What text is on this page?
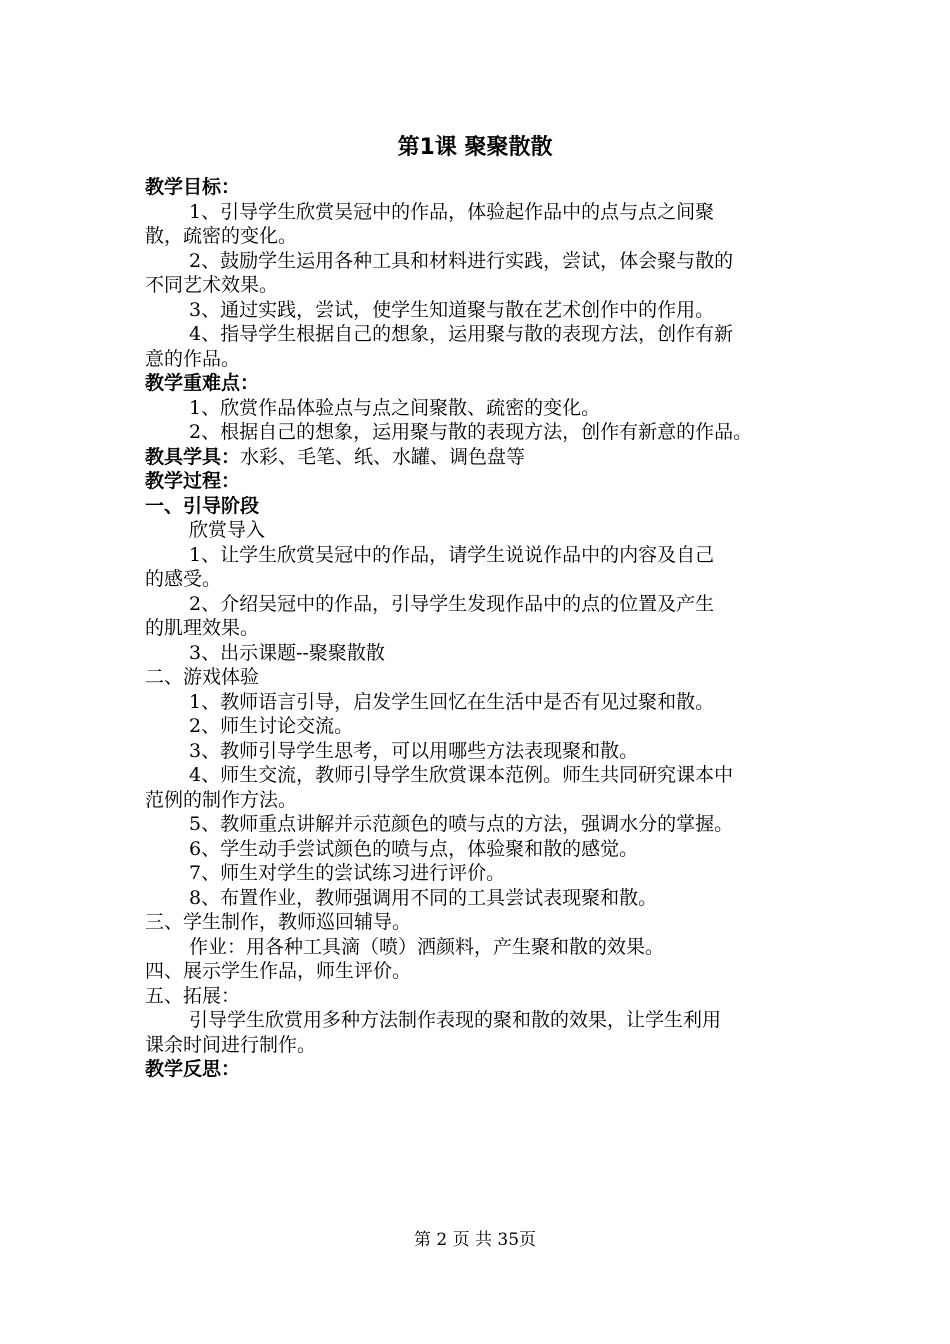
第1课 聚聚散散
教学目标：
1、引导学生欣赏吴冠中的作品，体验起作品中的点与点之间聚
散，疏密的变化。
2、鼓励学生运用各种工具和材料进行实践，尝试，体会聚与散的
不同艺术效果。
3、通过实践，尝试，使学生知道聚与散在艺术创作中的作用。
4、指导学生根据自己的想象，运用聚与散的表现方法，创作有新
意的作品。
教学重难点：
1、欣赏作品体验点与点之间聚散、疏密的变化。
2、根据自己的想象，运用聚与散的表现方法，创作有新意的作品。
教具学具：水彩、毛笔、纸、水罐、调色盘等
教学过程：
一、引导阶段
欣赏导入
1、让学生欣赏吴冠中的作品，请学生说说作品中的内容及自己
的感受。
2、介绍吴冠中的作品，引导学生发现作品中的点的位置及产生
的肌理效果。
3、出示课题--聚聚散散
二、游戏体验
1、教师语言引导，启发学生回忆在生活中是否有见过聚和散。
2、师生讨论交流。
3、教师引导学生思考，可以用哪些方法表现聚和散。
4、师生交流，教师引导学生欣赏课本范例。师生共同研究课本中
范例的制作方法。
5、教师重点讲解并示范颜色的喷与点的方法，强调水分的掌握。
6、学生动手尝试颜色的喷与点，体验聚和散的感觉。
7、师生对学生的尝试练习进行评价。
8、布置作业，教师强调用不同的工具尝试表现聚和散。
三、学生制作，教师巡回辅导。
作业：用各种工具滴（喷）洒颜料，产生聚和散的效果。
四、展示学生作品，师生评价。
五、拓展：
引导学生欣赏用多种方法制作表现的聚和散的效果，让学生利用
课余时间进行制作。
教学反思：
第 2 页 共 35页
